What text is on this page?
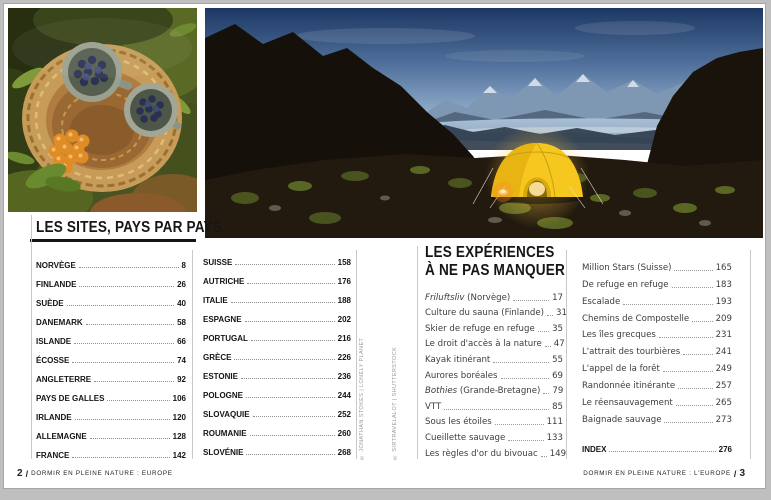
LES SITES, PAYS PAR PAYS
NORVÈGE	8
FINLANDE	26
SUÈDE	40
DANEMARK	58
ISLANDE	66
ÉCOSSE	74
ANGLETERRE	92
PAYS DE GALLES	106
IRLANDE	120
ALLEMAGNE	128
FRANCE	142
SUISSE	158
AUTRICHE	176
ITALIE	188
ESPAGNE	202
PORTUGAL	216
GRÈCE	226
ESTONIE	236
POLOGNE	244
SLOVAQUIE	252
ROUMANIE	260
SLOVÉNIE	268
LES EXPÉRIENCES
À NE PAS MANQUER
Friluftsliv (Norvège)	17
Culture du sauna (Finlande) 31
Skier de refuge en refuge 35
Le droit d'accès à la nature 47
Kayak itinérant	55
Aurores boréales	69
Bothies (Grande-Bretagne) 79
VTT	85
Sous les étoiles	111
Cueillette sauvage	133
Les règles d'or du bivouac 149
Million Stars (Suisse)	165
De refuge en refuge	183
Escalade	193
Chemins de Compostelle	209
Les îles grecques	231
L'attrait des tourbières	241
L'appel de la forêt	249
Randonnée itinérante	257
Le réensauvagement	265
Baignade sauvage	273
INDEX	276
© JONATHAN STOKES | LONELY PLANET	© SIRTRAVELALOT | SHUTTERSTOCK
2 / DORMIR EN PLEINE NATURE : EUROPE	DORMIR EN PLEINE NATURE : L'EUROPE / 3
